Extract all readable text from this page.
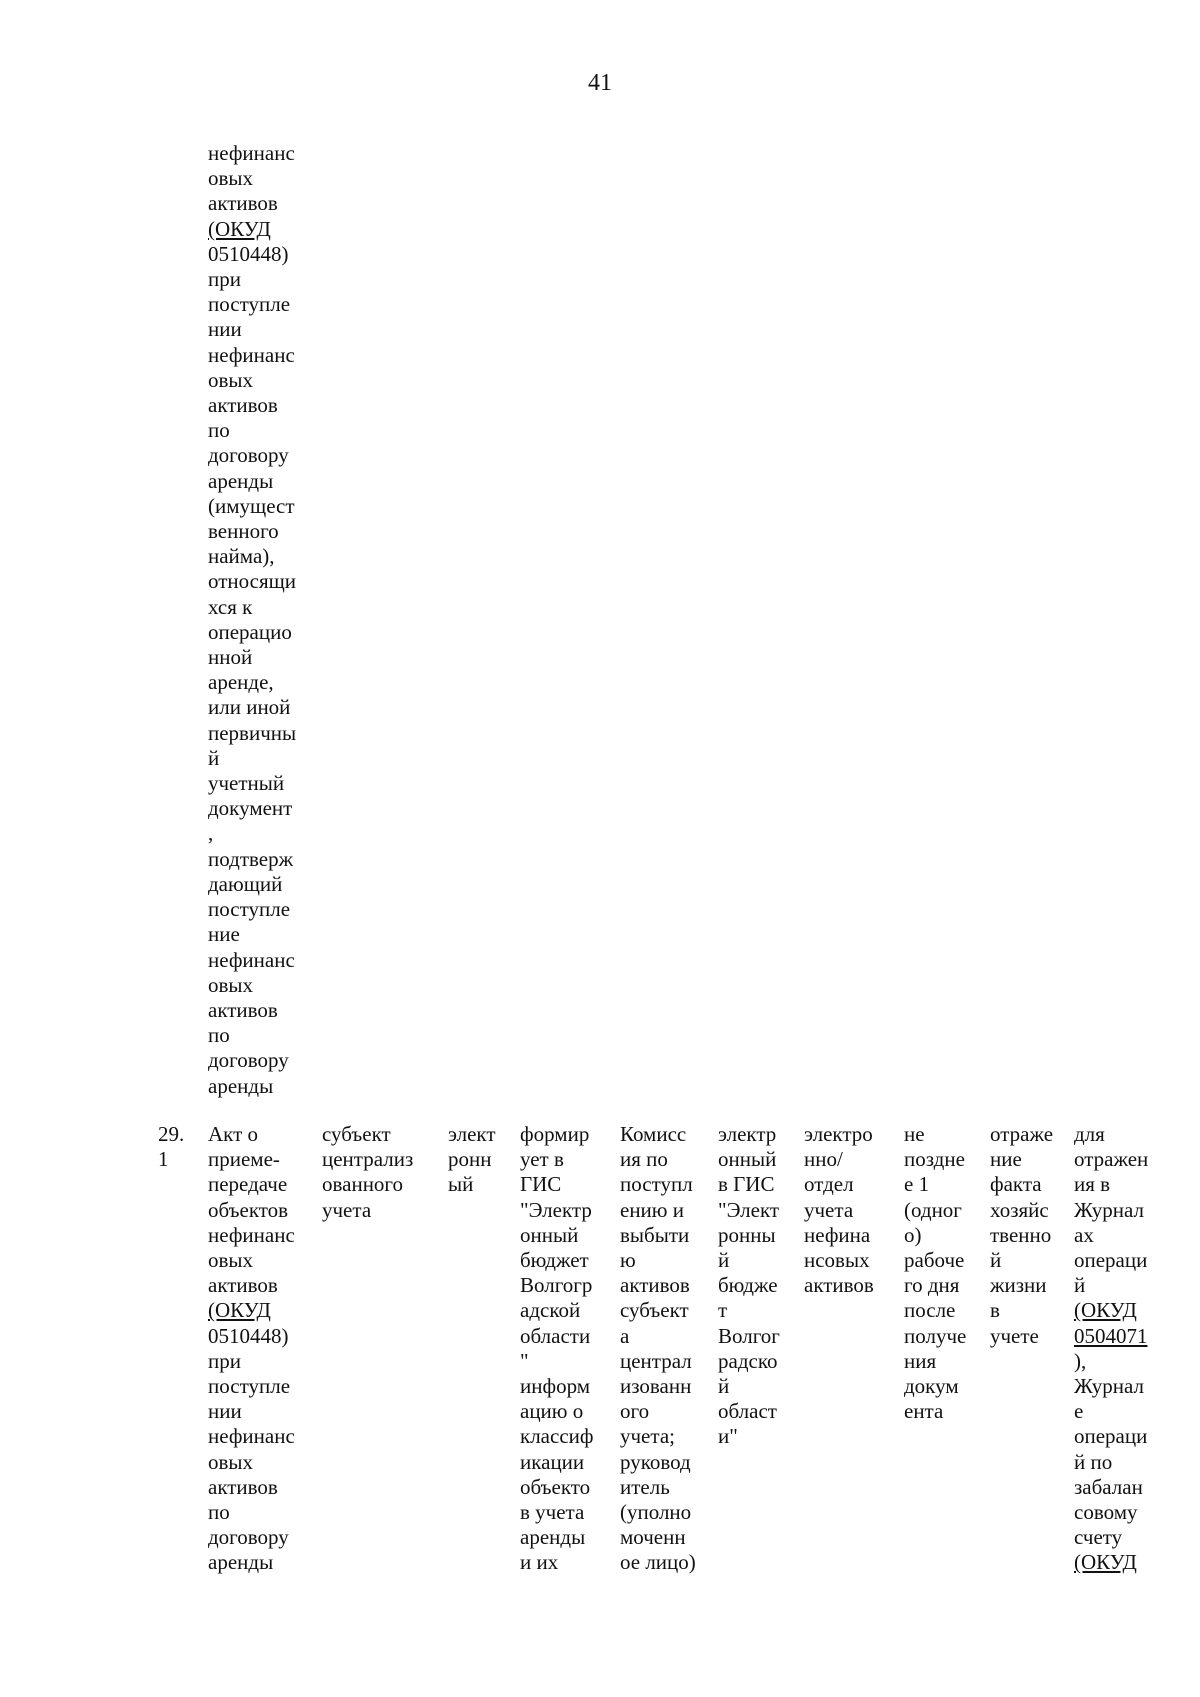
41
нефинанс
овых
активов
(ОКУД
0510448)
при
поступле
нии
нефинанс
овых
активов
по
договору
аренды
(имущест
венного
найма),
относящи
хся к
операцио
нной
аренде,
или иной
первичны
й
учетный
документ
,
подтверж
дающий
поступле
ние
нефинанс
овых
активов
по
договору
аренды
29.
1
Акт о
приеме-
передаче
объектов
нефинанс
овых
активов
(ОКУД
0510448)
при
поступле
нии
нефинанс
овых
активов
по
договору
аренды
субъект
централиз
ованного
учета
элект
ронн
ый
формир
ует в
ГИС
"Электр
онный
бюджет
Волгогр
адской
области
"
информ
ацию о
классиф
икации
объекто
в учета
аренды
и их
Комисс
ия по
поступл
ению и
выбыти
ю
активов
субъект
а
централ
изованн
ого
учета;
руковод
итель
(уполно
моченн
ое лицо)
электр
онный
в ГИС
"Элект
ронны
й
бюдже
т
Волгог
радско
й
област
и"
электро
нно/
отдел
учета
нефина
нсовых
активов
не
поздне
е 1
(одног
о)
рабоче
го дня
после
получе
ния
докум
ента
отраже
ние
факта
хозяйс
твенно
й
жизни
в
учете
для
отражен
ия в
Журнал
ах
операци
й
(ОКУД
0504071
),
Журнал
е
операци
й по
забалан
совому
счету
(ОКУД
